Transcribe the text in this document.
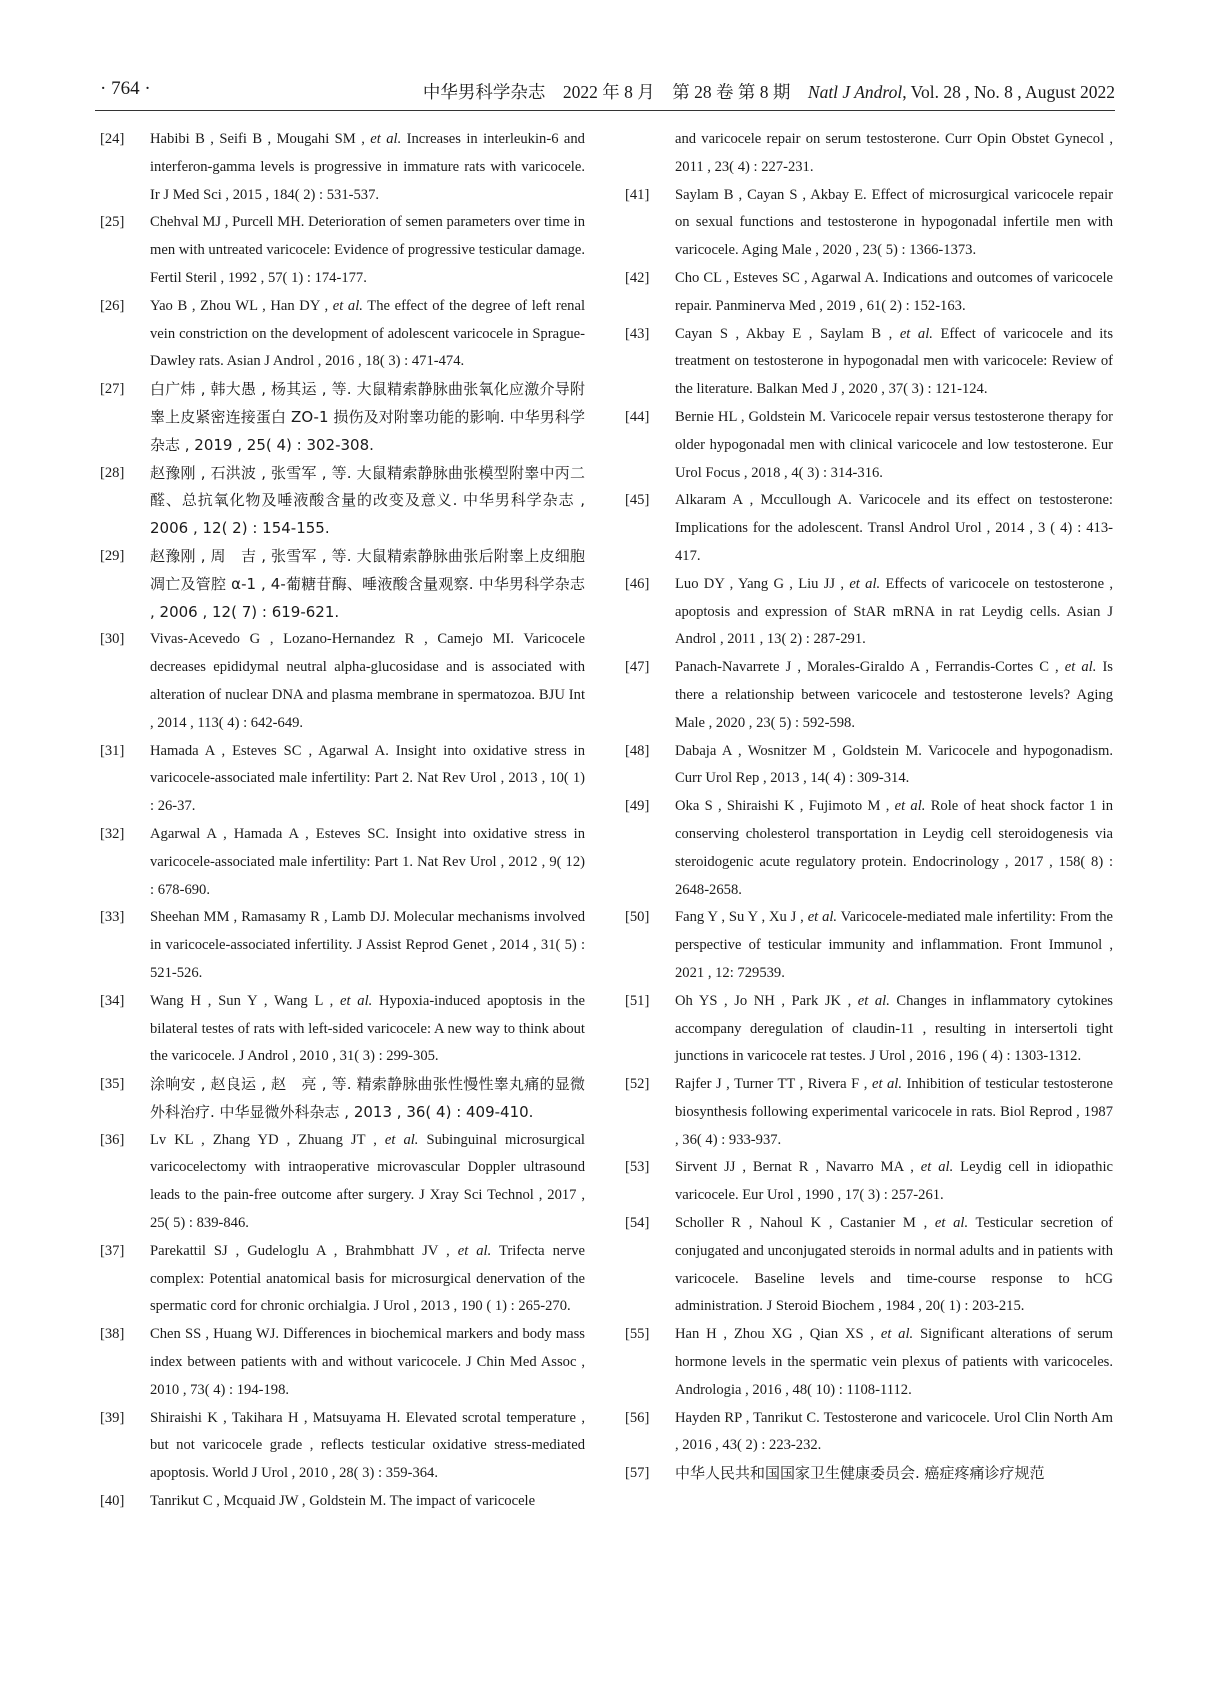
· 764 ·	中华男科学杂志　 2022 年 8 月　第 28 卷 第 8 期　 Natl J Androl, Vol. 28 , No. 8 , August 2022
[24] Habibi B , Seifi B , Mougahi SM , et al. Increases in interleukin-6 and interferon-gamma levels is progressive in immature rats with varicocele. Ir J Med Sci , 2015 , 184( 2) : 531-537.
[25] Chehval MJ , Purcell MH. Deterioration of semen parameters over time in men with untreated varicocele: Evidence of progressive testicular damage. Fertil Steril , 1992 , 57( 1) : 174-177.
[26] Yao B , Zhou WL , Han DY , et al. The effect of the degree of left renal vein constriction on the development of adolescent varicocele in Sprague-Dawley rats. Asian J Androl , 2016 , 18( 3) : 471-474.
[27] 白广炜 , 韩大愚 , 杨其运 , 等. 大鼠精索静脉曲张氧化应激介导附睾上皮紧密连接蛋白 ZO-1 损伤及对附睾功能的影响. 中华男科学杂志 , 2019 , 25( 4) : 302-308.
[28] 赵豫刚 , 石洪波 , 张雪军 , 等. 大鼠精索静脉曲张模型附睾中丙二醛、总抗氧化物及唾液酸含量的改变及意义. 中华男科学杂志 , 2006 , 12( 2) : 154-155.
[29] 赵豫刚 , 周　吉 , 张雪军 , 等. 大鼠精索静脉曲张后附睾上皮细胞凋亡及管腔 α-1 , 4-葡糖苷酶、唾液酸含量观察. 中华男科学杂志 , 2006 , 12( 7) : 619-621.
[30] Vivas-Acevedo G , Lozano-Hernandez R , Camejo MI. Varicocele decreases epididymal neutral alpha-glucosidase and is associated with alteration of nuclear DNA and plasma membrane in spermatozoa. BJU Int , 2014 , 113( 4) : 642-649.
[31] Hamada A , Esteves SC , Agarwal A. Insight into oxidative stress in varicocele-associated male infertility: Part 2. Nat Rev Urol , 2013 , 10( 1) : 26-37.
[32] Agarwal A , Hamada A , Esteves SC. Insight into oxidative stress in varicocele-associated male infertility: Part 1. Nat Rev Urol , 2012 , 9( 12) : 678-690.
[33] Sheehan MM , Ramasamy R , Lamb DJ. Molecular mechanisms involved in varicocele-associated infertility. J Assist Reprod Genet , 2014 , 31( 5) : 521-526.
[34] Wang H , Sun Y , Wang L , et al. Hypoxia-induced apoptosis in the bilateral testes of rats with left-sided varicocele: A new way to think about the varicocele. J Androl , 2010 , 31( 3) : 299-305.
[35] 涂响安 , 赵良运 , 赵　亮 , 等. 精索静脉曲张性慢性睾丸痛的显微外科治疗. 中华显微外科杂志 , 2013 , 36( 4) : 409-410.
[36] Lv KL , Zhang YD , Zhuang JT , et al. Subinguinal microsurgical varicocelectomy with intraoperative microvascular Doppler ultrasound leads to the pain-free outcome after surgery. J Xray Sci Technol , 2017 , 25( 5) : 839-846.
[37] Parekattil SJ , Gudeloglu A , Brahmbhatt JV , et al. Trifecta nerve complex: Potential anatomical basis for microsurgical denervation of the spermatic cord for chronic orchialgia. J Urol , 2013 , 190 ( 1) : 265-270.
[38] Chen SS , Huang WJ. Differences in biochemical markers and body mass index between patients with and without varicocele. J Chin Med Assoc , 2010 , 73( 4) : 194-198.
[39] Shiraishi K , Takihara H , Matsuyama H. Elevated scrotal temperature , but not varicocele grade , reflects testicular oxidative stress-mediated apoptosis. World J Urol , 2010 , 28( 3) : 359-364.
[40] Tanrikut C , Mcquaid JW , Goldstein M. The impact of varicocele
and varicocele repair on serum testosterone. Curr Opin Obstet Gynecol , 2011 , 23( 4) : 227-231.
[41] Saylam B , Cayan S , Akbay E. Effect of microsurgical varicocele repair on sexual functions and testosterone in hypogonadal infertile men with varicocele. Aging Male , 2020 , 23( 5) : 1366-1373.
[42] Cho CL , Esteves SC , Agarwal A. Indications and outcomes of varicocele repair. Panminerva Med , 2019 , 61( 2) : 152-163.
[43] Cayan S , Akbay E , Saylam B , et al. Effect of varicocele and its treatment on testosterone in hypogonadal men with varicocele: Review of the literature. Balkan Med J , 2020 , 37( 3) : 121-124.
[44] Bernie HL , Goldstein M. Varicocele repair versus testosterone therapy for older hypogonadal men with clinical varicocele and low testosterone. Eur Urol Focus , 2018 , 4( 3) : 314-316.
[45] Alkaram A , Mccullough A. Varicocele and its effect on testosterone: Implications for the adolescent. Transl Androl Urol , 2014 , 3 ( 4) : 413-417.
[46] Luo DY , Yang G , Liu JJ , et al. Effects of varicocele on testosterone , apoptosis and expression of StAR mRNA in rat Leydig cells. Asian J Androl , 2011 , 13( 2) : 287-291.
[47] Panach-Navarrete J , Morales-Giraldo A , Ferrandis-Cortes C , et al. Is there a relationship between varicocele and testosterone levels? Aging Male , 2020 , 23( 5) : 592-598.
[48] Dabaja A , Wosnitzer M , Goldstein M. Varicocele and hypogonadism. Curr Urol Rep , 2013 , 14( 4) : 309-314.
[49] Oka S , Shiraishi K , Fujimoto M , et al. Role of heat shock factor 1 in conserving cholesterol transportation in Leydig cell steroidogenesis via steroidogenic acute regulatory protein. Endocrinology , 2017 , 158( 8) : 2648-2658.
[50] Fang Y , Su Y , Xu J , et al. Varicocele-mediated male infertility: From the perspective of testicular immunity and inflammation. Front Immunol , 2021 , 12: 729539.
[51] Oh YS , Jo NH , Park JK , et al. Changes in inflammatory cytokines accompany deregulation of claudin-11 , resulting in intersertoli tight junctions in varicocele rat testes. J Urol , 2016 , 196 ( 4) : 1303-1312.
[52] Rajfer J , Turner TT , Rivera F , et al. Inhibition of testicular testosterone biosynthesis following experimental varicocele in rats. Biol Reprod , 1987 , 36( 4) : 933-937.
[53] Sirvent JJ , Bernat R , Navarro MA , et al. Leydig cell in idiopathic varicocele. Eur Urol , 1990 , 17( 3) : 257-261.
[54] Scholler R , Nahoul K , Castanier M , et al. Testicular secretion of conjugated and unconjugated steroids in normal adults and in patients with varicocele. Baseline levels and time-course response to hCG administration. J Steroid Biochem , 1984 , 20( 1) : 203-215.
[55] Han H , Zhou XG , Qian XS , et al. Significant alterations of serum hormone levels in the spermatic vein plexus of patients with varicoceles. Andrologia , 2016 , 48( 10) : 1108-1112.
[56] Hayden RP , Tanrikut C. Testosterone and varicocele. Urol Clin North Am , 2016 , 43( 2) : 223-232.
[57] 中华人民共和国国家卫生健康委员会. 癌症疼痛诊疗规范
